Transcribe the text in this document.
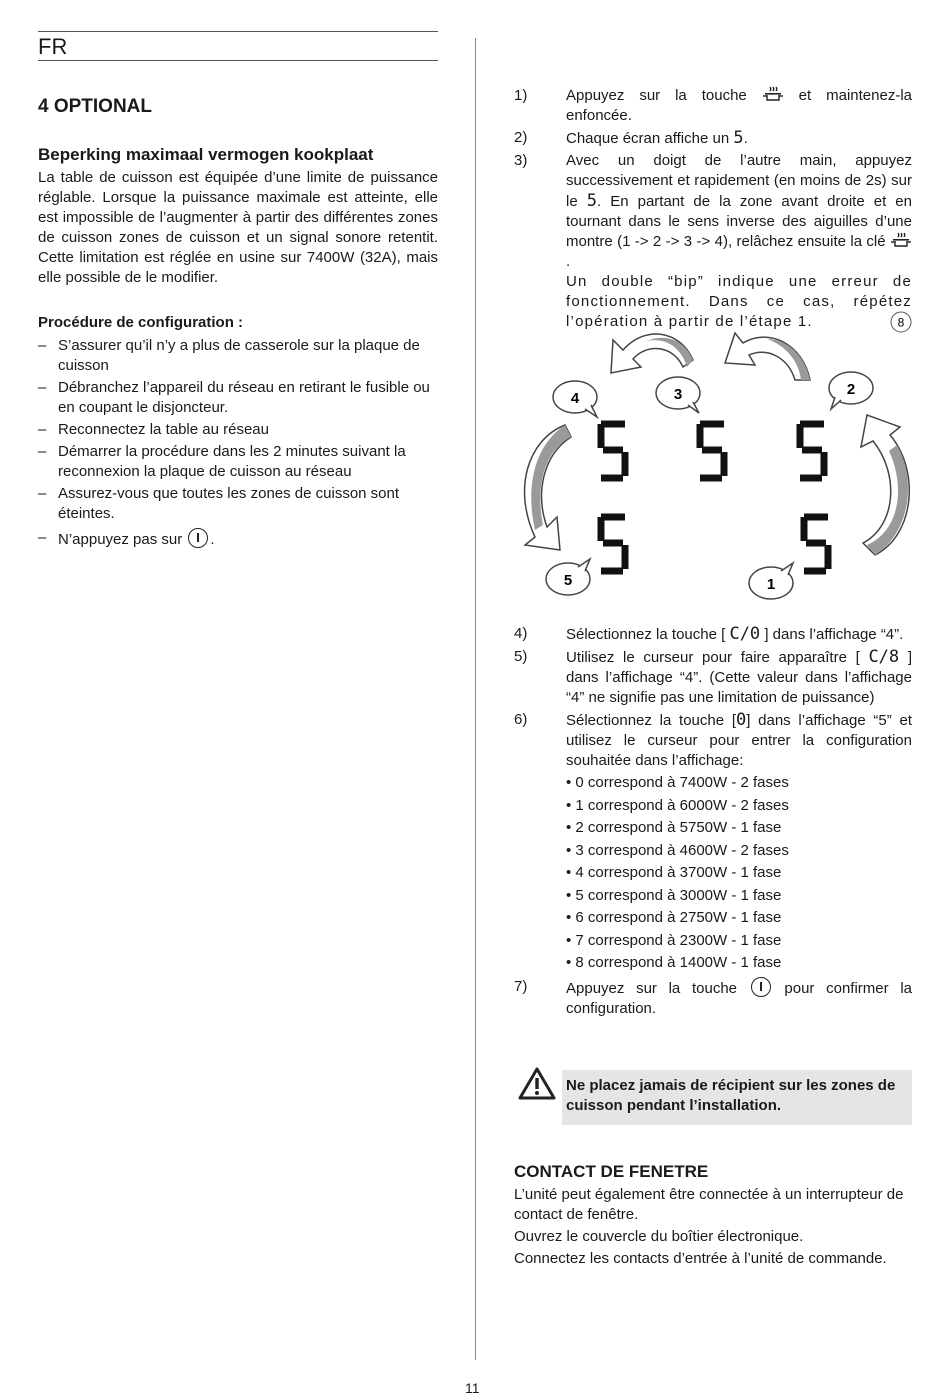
FR
4 OPTIONAL
Beperking maximaal vermogen kookplaat
La table de cuisson est équipée d’une limite de puissance réglable. Lorsque la puissance maximale est atteinte, elle est impossible de l’augmenter à partir des différentes zones de cuisson zones de cuisson et un signal sonore retentit. Cette limitation est réglée en usine sur 7400W (32A), mais elle possible de le modifier.
Procédure de configuration :
– S’assurer qu’il n’y a plus de casserole sur la plaque de cuisson
– Débranchez l’appareil du réseau en retirant le fusible ou en coupant le disjoncteur.
– Reconnectez la table au réseau
– Démarrer la procédure dans les 2 minutes suivant la reconnexion la plaque de cuisson au réseau
– Assurez-vous que toutes les zones de cuisson sont éteintes.
– N’appuyez pas sur .
1)	Appuyez sur la touche	et maintenez-la enfoncée.
2)	Chaque écran affiche un 5.
3)	Avec un doigt de l’autre main, appuyez successivement et rapidement (en moins de 2s) sur le 5. En partant de la zone avant droite et en tournant dans le sens inverse des aiguilles d’une montre (1 -> 2 -> 3 -> 4), relâchez ensuite la clé .
Un double “bip” indique une erreur de fonctionnement. Dans ce cas, répétez l’opération à partir de l’étape 1.	8
4	3	2
5	1
4)	Sélectionnez la touche [ C/0 ] dans l’affichage “4”.
5)	Utilisez le curseur pour faire apparaître [ C/8 ] dans l’affichage “4”. (Cette valeur dans l’affichage “4” ne signifie pas une limitation de puissance)
6)	Sélectionnez la touche [0] dans l’affichage “5” et utilisez le curseur pour entrer la configuration souhaitée dans l’affichage:
• 0 correspond à 7400W - 2 fases
• 1 correspond à 6000W - 2 fases
• 2 correspond à 5750W - 1 fase
• 3 correspond à 4600W - 2 fases
• 4 correspond à 3700W - 1 fase
• 5 correspond à 3000W - 1 fase
• 6 correspond à 2750W - 1 fase
• 7 correspond à 2300W - 1 fase
• 8 correspond à 1400W - 1 fase
7)	Appuyez sur la touche	pour confirmer la configuration.
Ne placez jamais de récipient sur les zones de cuisson pendant l’installation.
CONTACT DE FENETRE
L’unité peut également être connectée à un interrupteur de contact de fenêtre.
Ouvrez le couvercle du boîtier électronique.
Connectez les contacts d’entrée à l’unité de commande.
11
